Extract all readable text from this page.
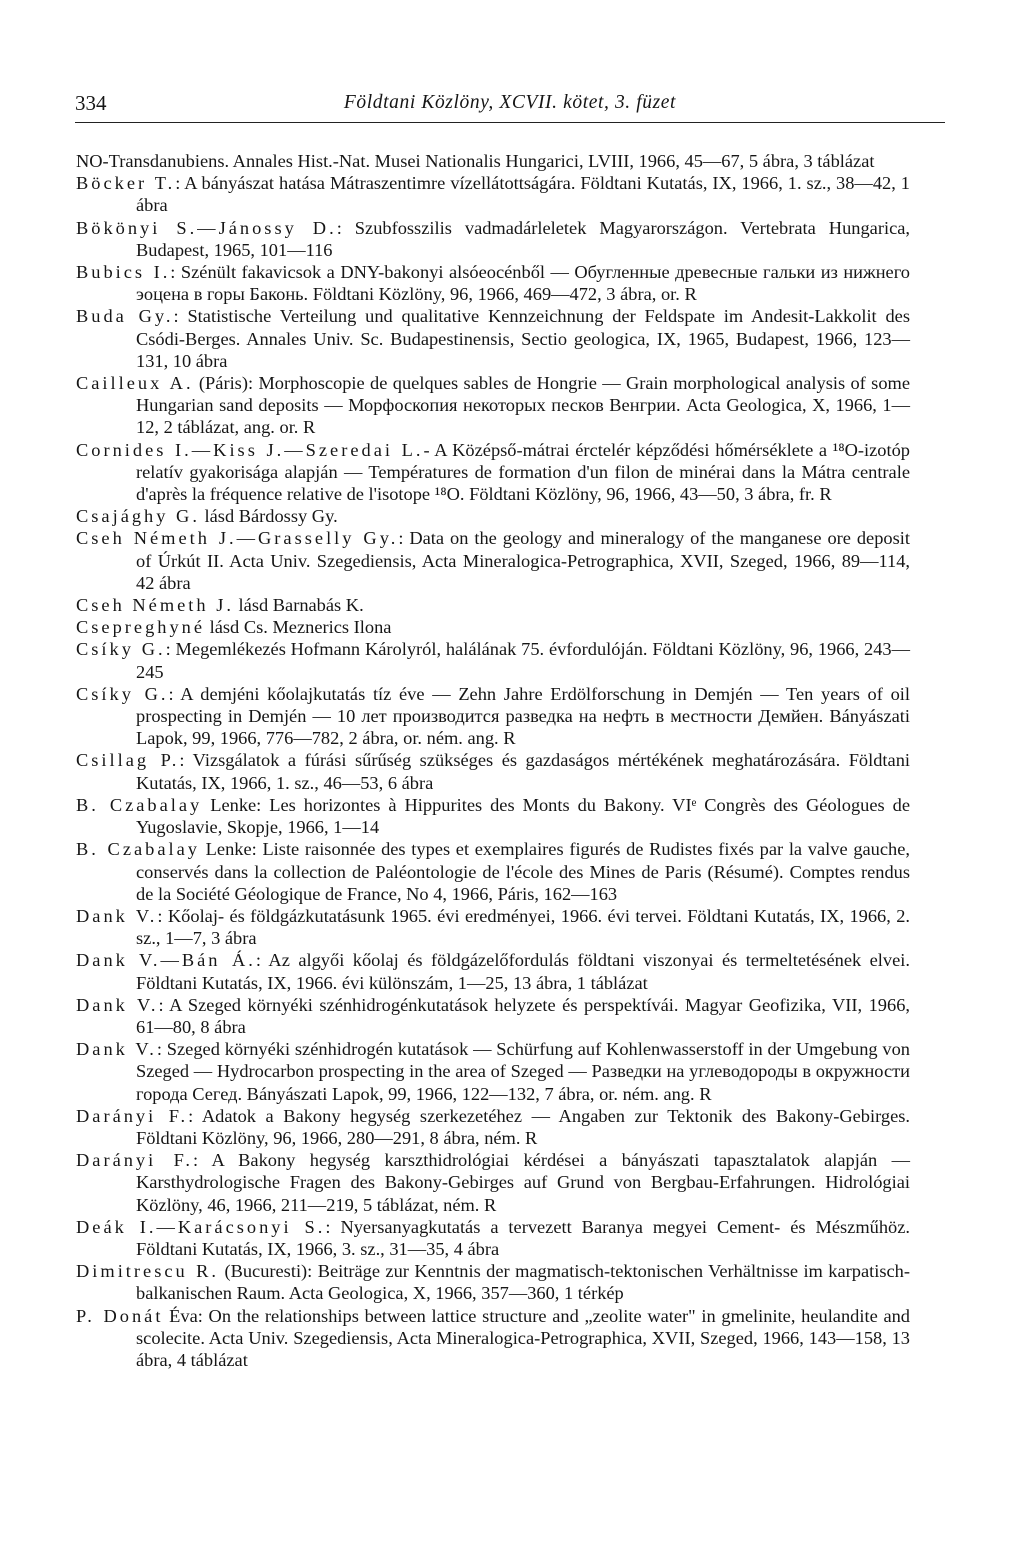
334	Földtani Közlöny, XCVII. kötet, 3. füzet
NO-Transdanubiens. Annales Hist.-Nat. Musei Nationalis Hungarici, LVIII, 1966, 45—67, 5 ábra, 3 táblázat
Böcker T.: A bányászat hatása Mátraszentimre vízellátottságára. Földtani Kutatás, IX, 1966, 1. sz., 38—42, 1 ábra
Bökönyi S.—Jánossy D.: Szubfosszilis vadmadárleletek Magyarországon. Vertebrata Hungarica, Budapest, 1965, 101—116
Bubics I.: Szénült fakavicsok a DNY-bakonyi alsóeocénből — Обугленные древесные гальки из нижнего эоцена в горы Баконь. Földtani Közlöny, 96, 1966, 469—472, 3 ábra, or. R
Buda Gy.: Statistische Verteilung und qualitative Kennzeichnung der Feldspate im Andesit-Lakkolit des Csódi-Berges. Annales Univ. Sc. Budapestinensis, Sectio geologica, IX, 1965, Budapest, 1966, 123—131, 10 ábra
Cailleux A. (Páris): Morphoscopie de quelques sables de Hongrie — Grain morphological analysis of some Hungarian sand deposits — Морфоскопия некоторых песков Венгрии. Acta Geologica, X, 1966, 1—12, 2 táblázat, ang. or. R
Cornides I.—Kiss J.—Szeredai L.- A Középső-mátrai érctelér képződési hőmérséklete a ¹⁸O-izotóp relatív gyakorisága alapján — Températures de formation d'un filon de minérai dans la Mátra centrale d'après la fréquence relative de l'isotope ¹⁸O. Földtani Közlöny, 96, 1966, 43—50, 3 ábra, fr. R
Csajághy G. lásd Bárdossy Gy.
Cseh Németh J.—Grasselly Gy.: Data on the geology and mineralogy of the manganese ore deposit of Úrkút II. Acta Univ. Szegediensis, Acta Mineralogica-Petrographica, XVII, Szeged, 1966, 89—114, 42 ábra
Cseh Németh J. lásd Barnabás K.
Csepreghyné lásd Cs. Meznerics Ilona
Csíky G.: Megemlékezés Hofmann Károlyról, halálának 75. évfordulóján. Földtani Közlöny, 96, 1966, 243—245
Csíky G.: A demjéni kőolajkutatás tíz éve — Zehn Jahre Erdölforschung in Demjén — Ten years of oil prospecting in Demjén — 10 лет производится разведка на нефть в местности Демйен. Bányászati Lapok, 99, 1966, 776—782, 2 ábra, or. ném. ang. R
Csillag P.: Vizsgálatok a fúrási sűrűség szükséges és gazdaságos mértékének meghatározására. Földtani Kutatás, IX, 1966, 1. sz., 46—53, 6 ábra
B. Czabalay Lenke: Les horizontes à Hippurites des Monts du Bakony. VIᵉ Congrès des Géologues de Yugoslavie, Skopje, 1966, 1—14
B. Czabalay Lenke: Liste raisonnée des types et exemplaires figurés de Rudistes fixés par la valve gauche, conservés dans la collection de Paléontologie de l'école des Mines de Paris (Résumé). Comptes rendus de la Société Géologique de France, No 4, 1966, Páris, 162—163
Dank V.: Kőolaj- és földgázkutatásunk 1965. évi eredményei, 1966. évi tervei. Földtani Kutatás, IX, 1966, 2. sz., 1—7, 3 ábra
Dank V.—Bán Á.: Az algyői kőolaj és földgázelőfordulás földtani viszonyai és termeltetésének elvei. Földtani Kutatás, IX, 1966. évi különszám, 1—25, 13 ábra, 1 táblázat
Dank V.: A Szeged környéki szénhidrogénkutatások helyzete és perspektívái. Magyar Geofizika, VII, 1966, 61—80, 8 ábra
Dank V.: Szeged környéki szénhidrogén kutatások — Schürfung auf Kohlenwasserstoff in der Umgebung von Szeged — Hydrocarbon prospecting in the area of Szeged — Разведки на углеводороды в окружности города Сегед. Bányászati Lapok, 99, 1966, 122—132, 7 ábra, or. ném. ang. R
Darányi F.: Adatok a Bakony hegység szerkezetéhez — Angaben zur Tektonik des Bakony-Gebirges. Földtani Közlöny, 96, 1966, 280—291, 8 ábra, ném. R
Darányi F.: A Bakony hegység karszthidrológiai kérdései a bányászati tapasztalatok alapján — Karsthydrologische Fragen des Bakony-Gebirges auf Grund von Bergbau-Erfahrungen. Hidrológiai Közlöny, 46, 1966, 211—219, 5 táblázat, ném. R
Deák I.—Karácsonyi S.: Nyersanyagkutatás a tervezett Baranya megyei Cement- és Mészműhöz. Földtani Kutatás, IX, 1966, 3. sz., 31—35, 4 ábra
Dimitrescu R. (Bucuresti): Beiträge zur Kenntnis der magmatisch-tektonischen Verhältnisse im karpatisch-balkanischen Raum. Acta Geologica, X, 1966, 357—360, 1 térkép
P. Donát Éva: On the relationships between lattice structure and „zeolite water" in gmelinite, heulandite and scolecite. Acta Univ. Szegediensis, Acta Mineralogica-Petrographica, XVII, Szeged, 1966, 143—158, 13 ábra, 4 táblázat
